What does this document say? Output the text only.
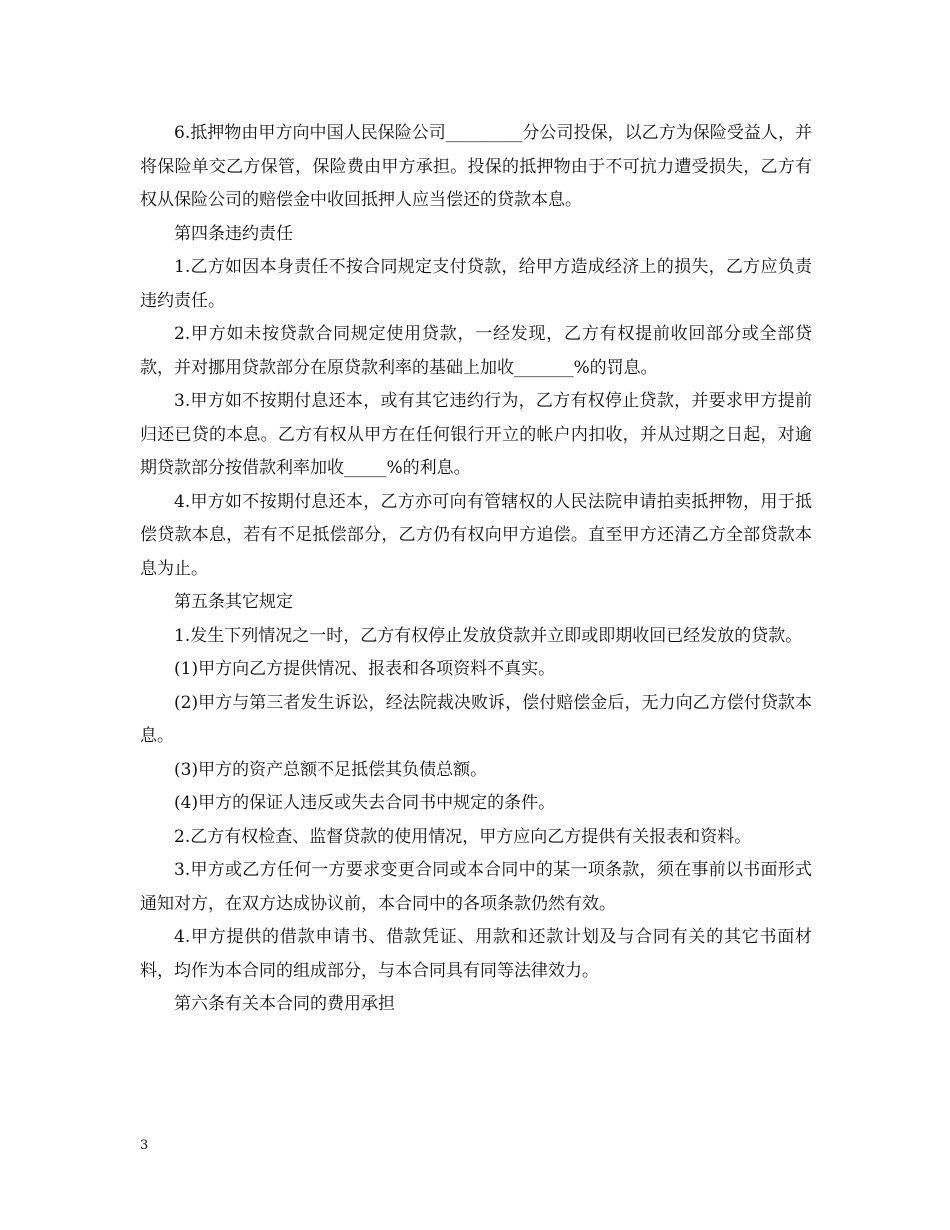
6.抵押物由甲方向中国人民保险公司_________分公司投保，以乙方为保险受益人，并将保险单交乙方保管，保险费由甲方承担。投保的抵押物由于不可抗力遭受损失，乙方有权从保险公司的赔偿金中收回抵押人应当偿还的贷款本息。

第四条违约责任

1.乙方如因本身责任不按合同规定支付贷款，给甲方造成经济上的损失，乙方应负责违约责任。

2.甲方如未按贷款合同规定使用贷款，一经发现，乙方有权提前收回部分或全部贷款，并对挪用贷款部分在原贷款利率的基础上加收_______%的罚息。

3.甲方如不按期付息还本，或有其它违约行为，乙方有权停止贷款，并要求甲方提前归还已贷的本息。乙方有权从甲方在任何银行开立的帐户内扣收，并从过期之日起，对逾期贷款部分按借款利率加收_____%的利息。

4.甲方如不按期付息还本，乙方亦可向有管辖权的人民法院申请拍卖抵押物，用于抵偿贷款本息，若有不足抵偿部分，乙方仍有权向甲方追偿。直至甲方还清乙方全部贷款本息为止。

第五条其它规定

1.发生下列情况之一时，乙方有权停止发放贷款并立即或即期收回已经发放的贷款。

(1)甲方向乙方提供情况、报表和各项资料不真实。

(2)甲方与第三者发生诉讼，经法院裁决败诉，偿付赔偿金后，无力向乙方偿付贷款本息。

(3)甲方的资产总额不足抵偿其负债总额。

(4)甲方的保证人违反或失去合同书中规定的条件。

2.乙方有权检查、监督贷款的使用情况，甲方应向乙方提供有关报表和资料。

3.甲方或乙方任何一方要求变更合同或本合同中的某一项条款，须在事前以书面形式通知对方，在双方达成协议前，本合同中的各项条款仍然有效。

4.甲方提供的借款申请书、借款凭证、用款和还款计划及与合同有关的其它书面材料，均作为本合同的组成部分，与本合同具有同等法律效力。

第六条有关本合同的费用承担

3
